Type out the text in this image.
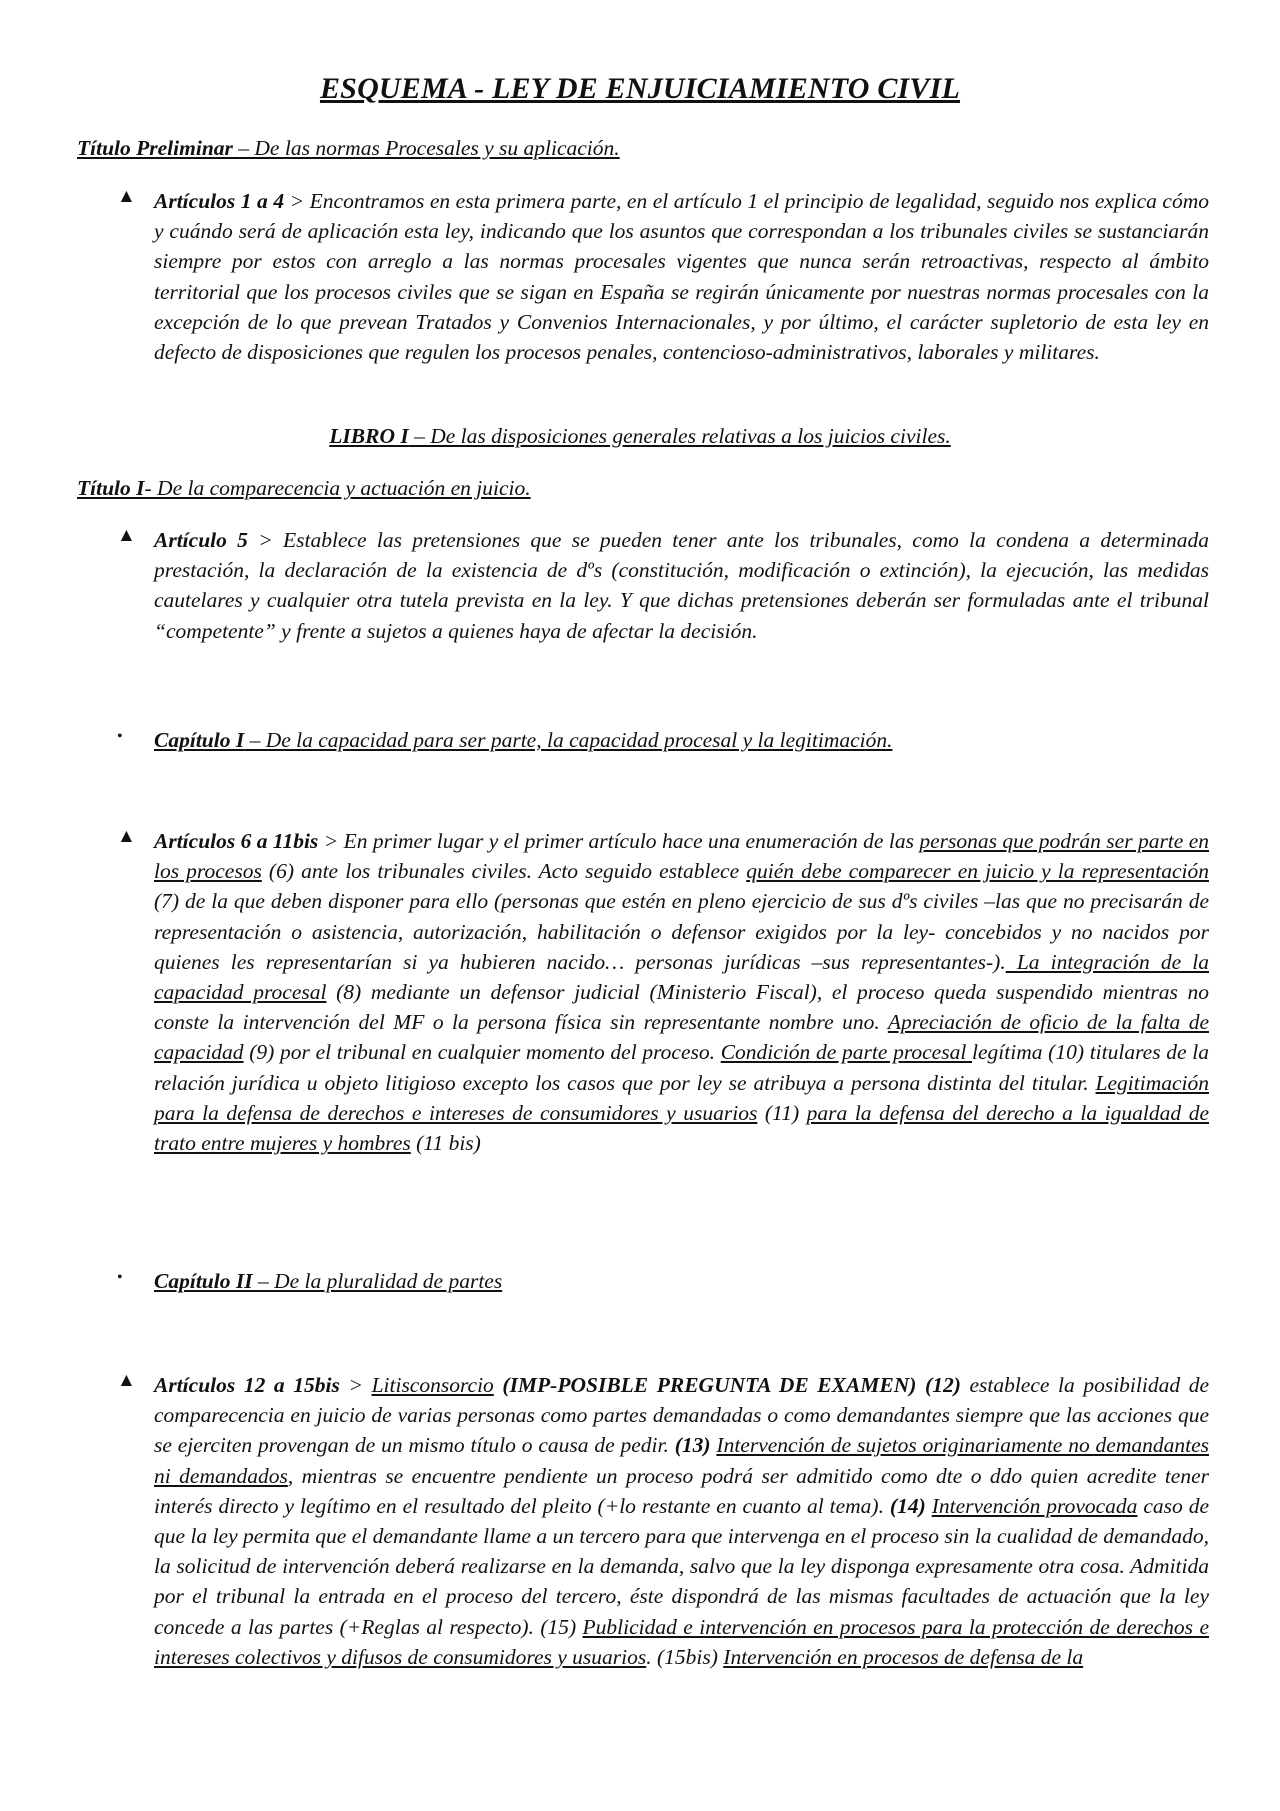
ESQUEMA - LEY DE ENJUICIAMIENTO CIVIL
Título Preliminar – De las normas Procesales y su aplicación.
▲ Artículos 1 a 4 > Encontramos en esta primera parte, en el artículo 1 el principio de legalidad, seguido nos explica cómo y cuándo será de aplicación esta ley, indicando que los asuntos que correspondan a los tribunales civiles se sustanciarán siempre por estos con arreglo a las normas procesales vigentes que nunca serán retroactivas, respecto al ámbito territorial que los procesos civiles que se sigan en España se regirán únicamente por nuestras normas procesales con la excepción de lo que prevean Tratados y Convenios Internacionales, y por último, el carácter supletorio de esta ley en defecto de disposiciones que regulen los procesos penales, contencioso-administrativos, laborales y militares.
LIBRO I – De las disposiciones generales relativas a los juicios civiles.
Título I- De la comparecencia y actuación en juicio.
▲ Artículo 5 > Establece las pretensiones que se pueden tener ante los tribunales, como la condena a determinada prestación, la declaración de la existencia de dºs (constitución, modificación o extinción), la ejecución, las medidas cautelares y cualquier otra tutela prevista en la ley. Y que dichas pretensiones deberán ser formuladas ante el tribunal “competente” y frente a sujetos a quienes haya de afectar la decisión.
• Capítulo I – De la capacidad para ser parte, la capacidad procesal y la legitimación.
▲ Artículos 6 a 11bis > En primer lugar y el primer artículo hace una enumeración de las personas que podrán ser parte en los procesos (6) ante los tribunales civiles. Acto seguido establece quién debe comparecer en juicio y la representación (7) de la que deben disponer para ello (personas que estén en pleno ejercicio de sus dºs civiles –las que no precisarán de representación o asistencia, autorización, habilitación o defensor exigidos por la ley- concebidos y no nacidos por quienes les representarían si ya hubieren nacido… personas jurídicas –sus representantes-). La integración de la capacidad procesal (8) mediante un defensor judicial (Ministerio Fiscal), el proceso queda suspendido mientras no conste la intervención del MF o la persona física sin representante nombre uno. Apreciación de oficio de la falta de capacidad (9) por el tribunal en cualquier momento del proceso. Condición de parte procesal legítima (10) titulares de la relación jurídica u objeto litigioso excepto los casos que por ley se atribuya a persona distinta del titular. Legitimación para la defensa de derechos e intereses de consumidores y usuarios (11) para la defensa del derecho a la igualdad de trato entre mujeres y hombres (11 bis)
• Capítulo II – De la pluralidad de partes
▲ Artículos 12 a 15bis > Litisconsorcio (IMP-POSIBLE PREGUNTA DE EXAMEN) (12) establece la posibilidad de comparecencia en juicio de varias personas como partes demandadas o como demandantes siempre que las acciones que se ejerciten provengan de un mismo título o causa de pedir. (13) Intervención de sujetos originariamente no demandantes ni demandados, mientras se encuentre pendiente un proceso podrá ser admitido como dte o ddo quien acredite tener interés directo y legítimo en el resultado del pleito (+lo restante en cuanto al tema). (14) Intervención provocada caso de que la ley permita que el demandante llame a un tercero para que intervenga en el proceso sin la cualidad de demandado, la solicitud de intervención deberá realizarse en la demanda, salvo que la ley disponga expresamente otra cosa. Admitida por el tribunal la entrada en el proceso del tercero, éste dispondrá de las mismas facultades de actuación que la ley concede a las partes (+Reglas al respecto). (15) Publicidad e intervención en procesos para la protección de derechos e intereses colectivos y difusos de consumidores y usuarios. (15bis) Intervención en procesos de defensa de la
